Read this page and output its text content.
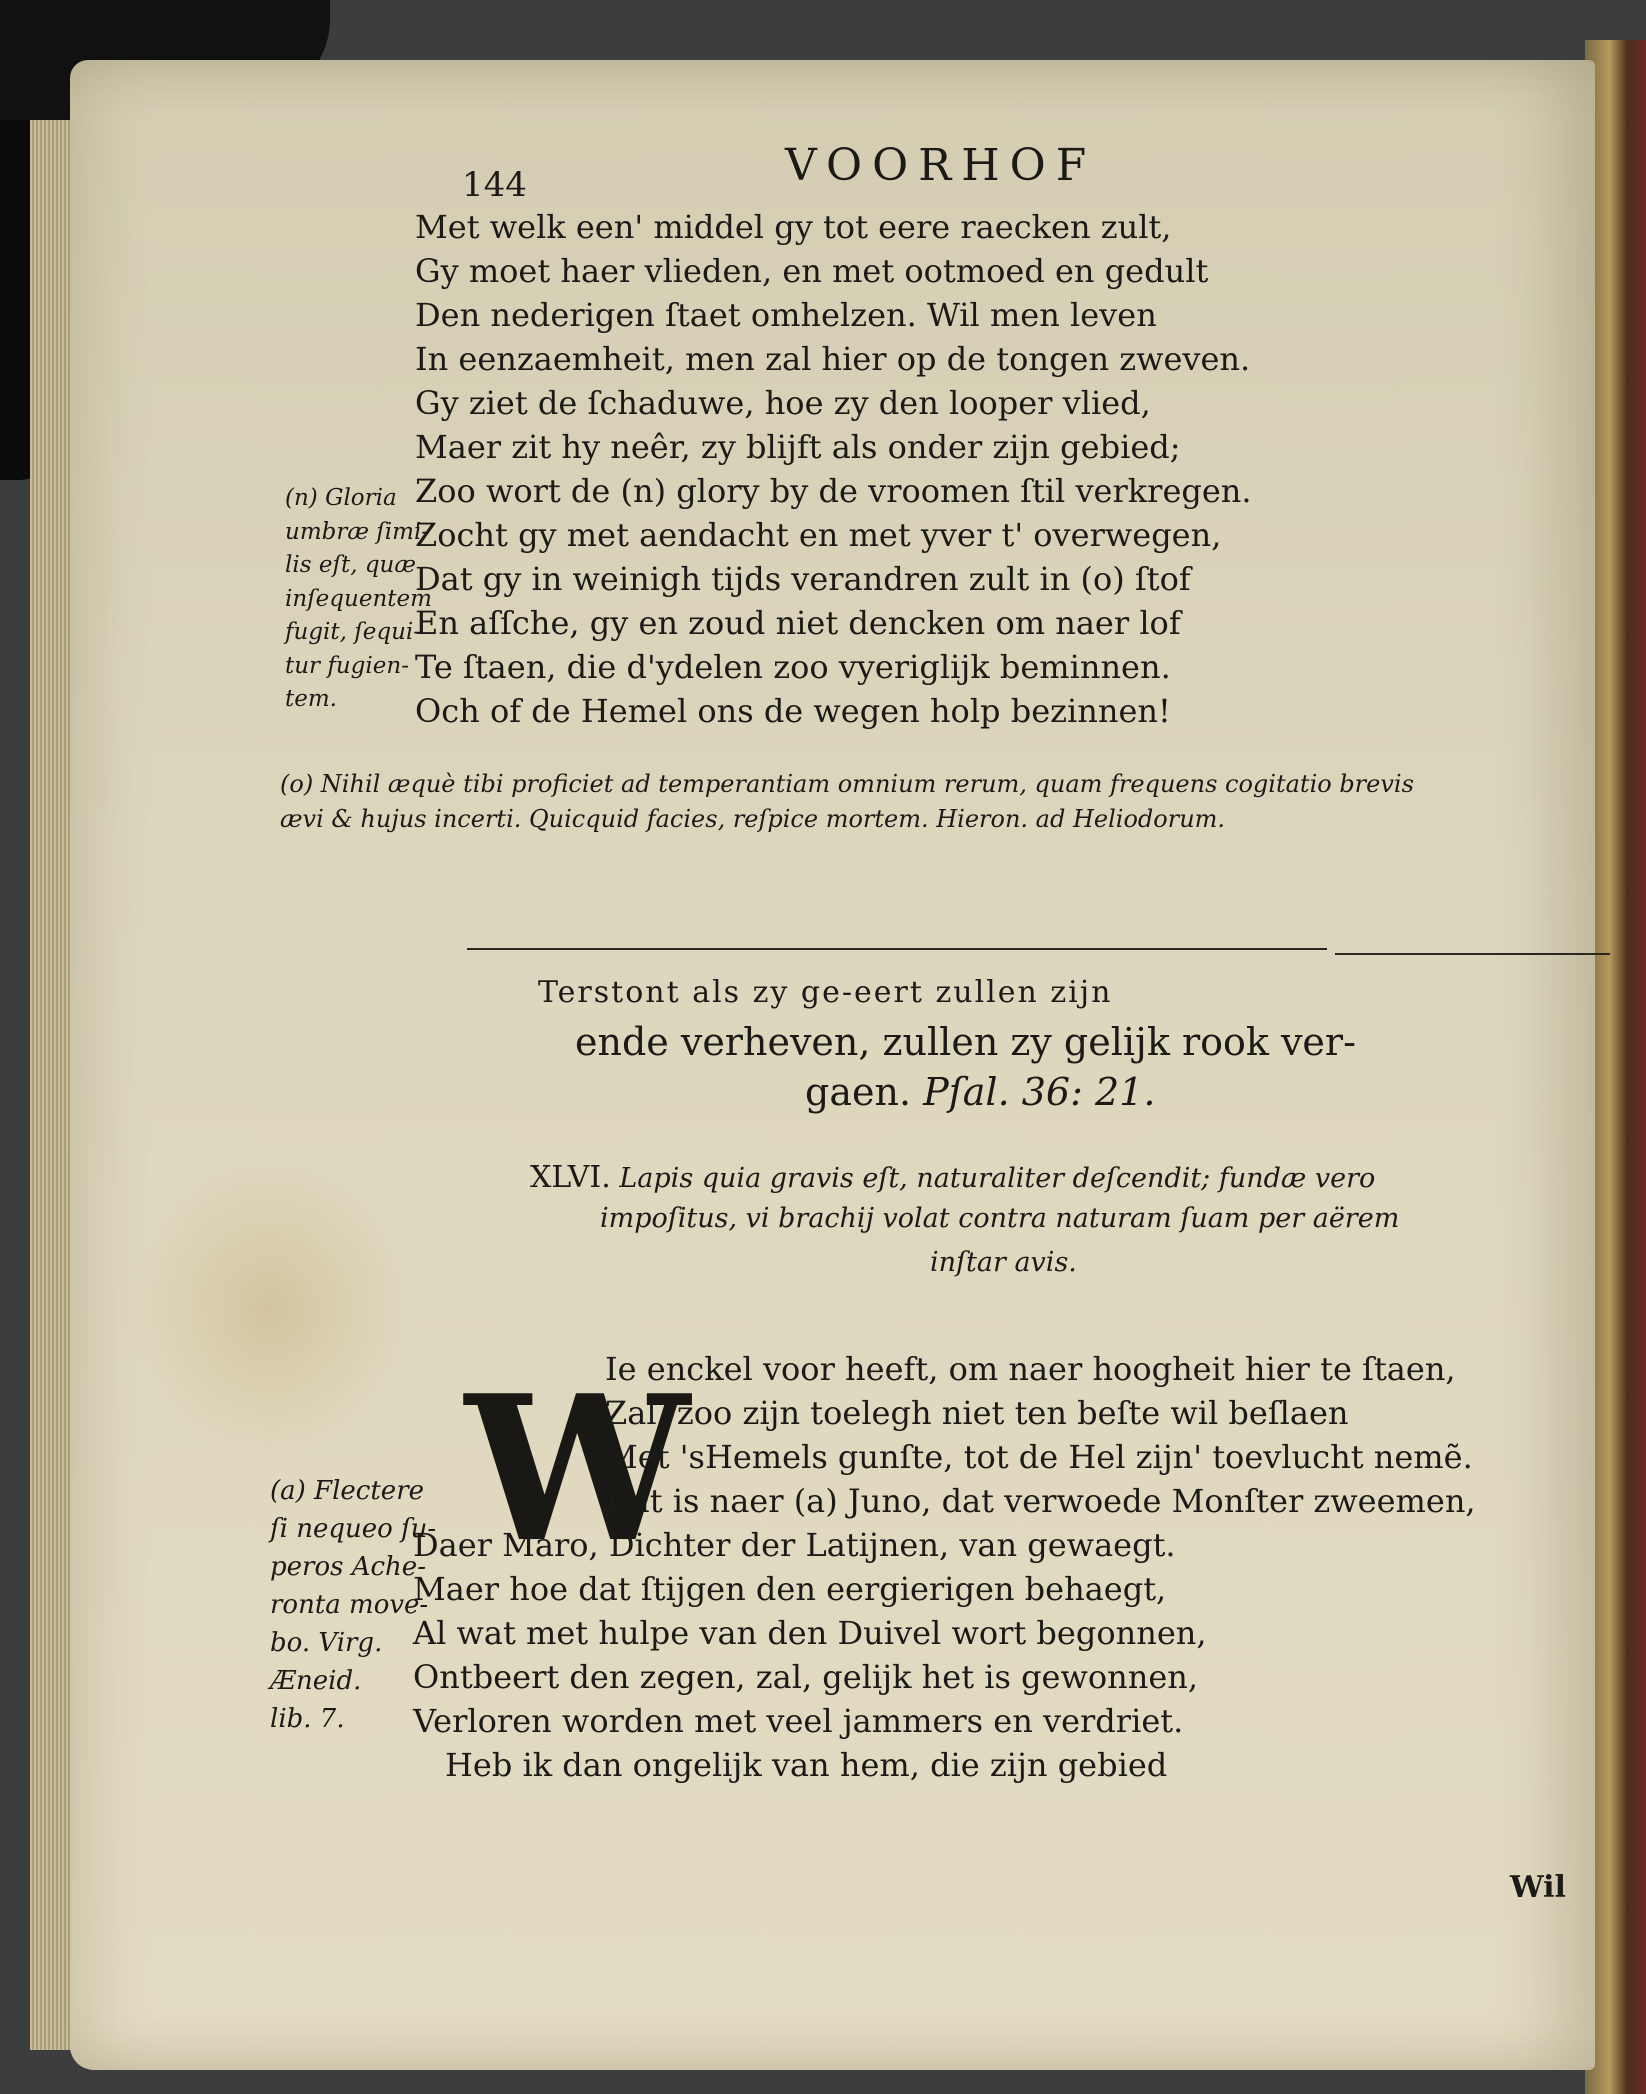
144	VOORHOF
Met welk een' middel gy tot eere raecken zult,
Gy moet haer vlieden, en met ootmoed en gedult
Den nederigen ſtaet omhelzen. Wil men leven
In eenzaemheit, men zal hier op de tongen zweven.
Gy ziet de ſchaduwe, hoe zy den looper vlied,
Maer zit hy neêr, zy blijft als onder zijn gebied;
Zoo wort de (n) glory by de vroomen ſtil verkregen.
Zocht gy met aendacht en met yver t' overwegen,
Dat gy in weinigh tijds verandren zult in (o) ſtof
En aſſche, gy en zoud niet dencken om naer lof
Te ſtaen, die d'ydelen zoo vyeriglijk beminnen.
Och of de Hemel ons de wegen holp bezinnen!
(n) Gloria
umbræ ſimi-
lis eſt, quæ
inſequentem
fugit, ſequi-
tur fugien-
tem.
(o) Nihil æquè tibi proficiet ad temperantiam omnium rerum, quam frequens cogitatio brevis
ævi & hujus incerti. Quicquid facies, reſpice mortem. Hieron. ad Heliodorum.
Terstont als zy ge-eert zullen zijn
ende verheven, zullen zy gelijk rook ver-
gaen. Pſal. 36: 21.
XLVI. Lapis quia gravis eſt, naturaliter deſcendit; fundæ vero
impoſitus, vi brachij volat contra naturam ſuam per aërem
inſtar avis.
W
Ie enckel voor heeft, om naer hoogheit hier te ſtaen,
Zal, zoo zijn toelegh niet ten beſte wil beſlaen
Met 'sHemels gunſte, tot de Hel zijn' toevlucht nemẽ.
Dat is naer (a) Juno, dat verwoede Monſter zweemen,
Daer Maro, Dichter der Latijnen, van gewaegt.
Maer hoe dat ſtijgen den eergierigen behaegt,
Al wat met hulpe van den Duivel wort begonnen,
Ontbeert den zegen, zal, gelijk het is gewonnen,
Verloren worden met veel jammers en verdriet.
Heb ik dan ongelijk van hem, die zijn gebied
(a) Flectere
ſi nequeo ſu-
peros Ache-
ronta move-
bo. Virg.
Æneid.
lib. 7.
Wil
